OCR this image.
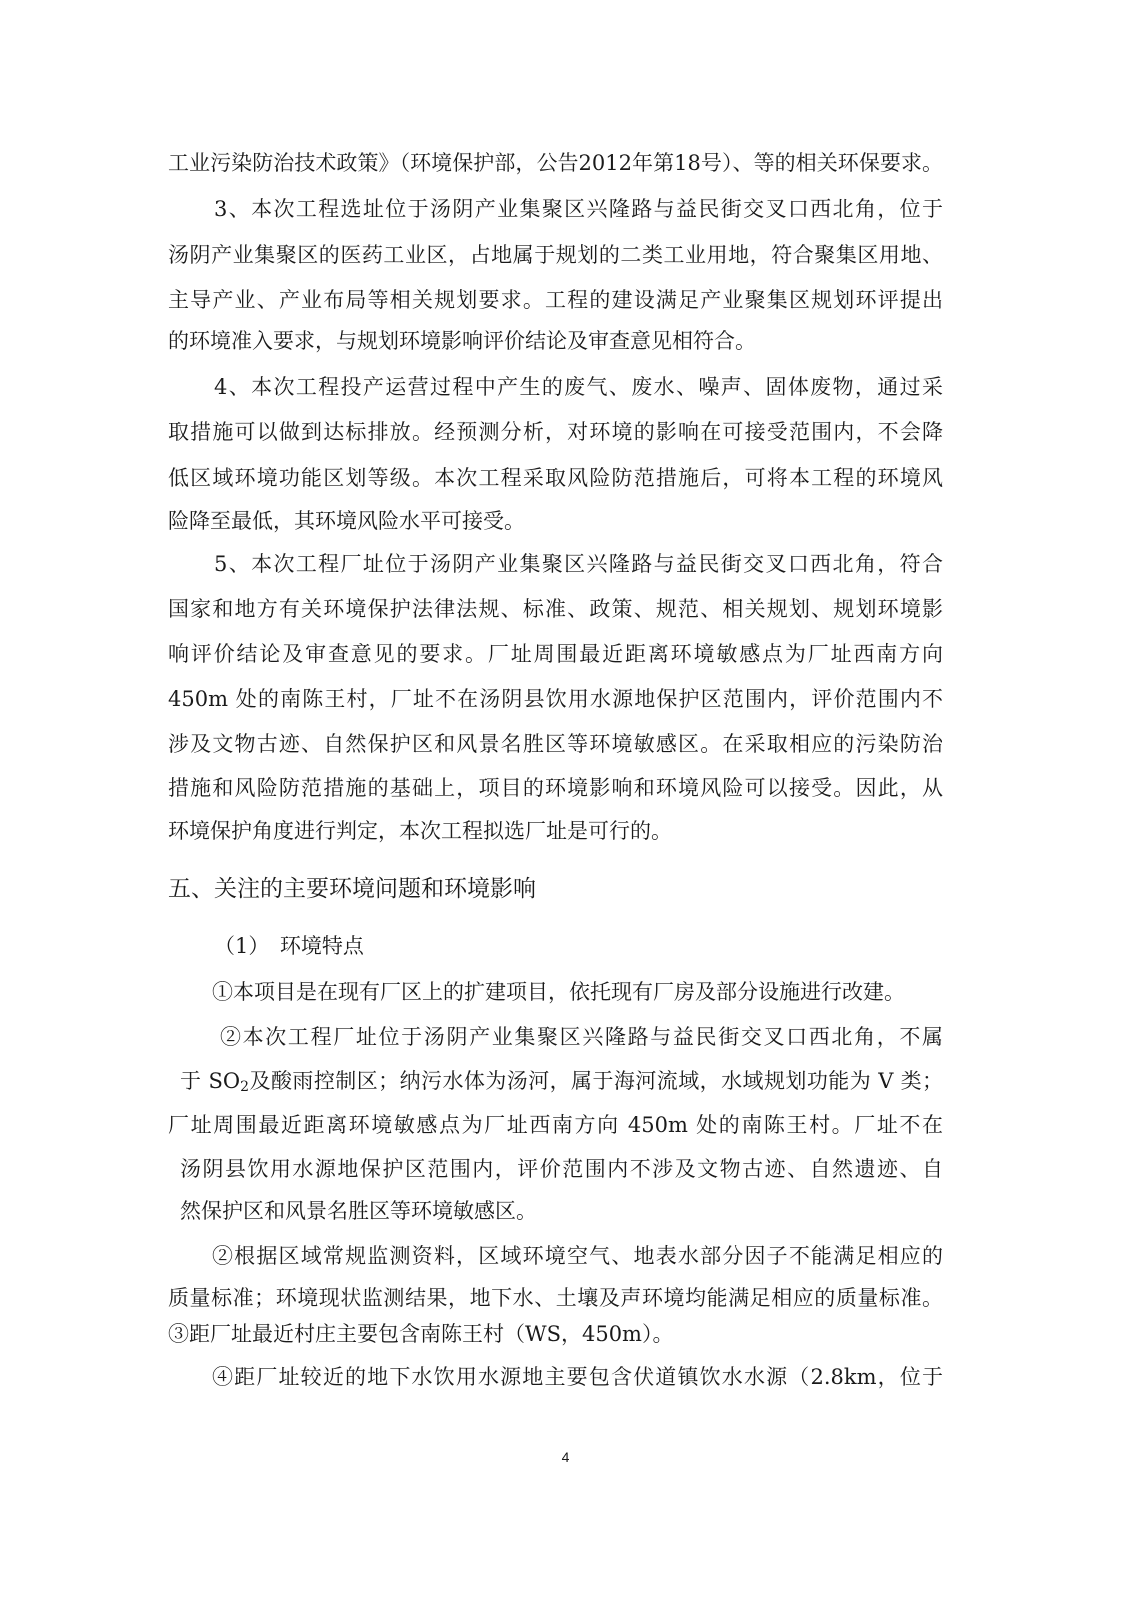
工业污染防治技术政策》（环境保护部，公告2012年第18号）、等的相关环保要求。
3、本次工程选址位于汤阴产业集聚区兴隆路与益民街交叉口西北角，位于
汤阴产业集聚区的医药工业区，占地属于规划的二类工业用地，符合聚集区用地、
主导产业、产业布局等相关规划要求。工程的建设满足产业聚集区规划环评提出
的环境准入要求，与规划环境影响评价结论及审查意见相符合。
4、本次工程投产运营过程中产生的废气、废水、噪声、固体废物，通过采
取措施可以做到达标排放。经预测分析，对环境的影响在可接受范围内，不会降
低区域环境功能区划等级。本次工程采取风险防范措施后，可将本工程的环境风
险降至最低，其环境风险水平可接受。
5、本次工程厂址位于汤阴产业集聚区兴隆路与益民街交叉口西北角，符合
国家和地方有关环境保护法律法规、标准、政策、规范、相关规划、规划环境影
响评价结论及审查意见的要求。厂址周围最近距离环境敏感点为厂址西南方向
450m 处的南陈王村，厂址不在汤阴县饮用水源地保护区范围内，评价范围内不
涉及文物古迹、自然保护区和风景名胜区等环境敏感区。在采取相应的污染防治
措施和风险防范措施的基础上，项目的环境影响和环境风险可以接受。因此，从
环境保护角度进行判定，本次工程拟选厂址是可行的。
五、关注的主要环境问题和环境影响
（1）　环境特点
①本项目是在现有厂区上的扩建项目，依托现有厂房及部分设施进行改建。
②本次工程厂址位于汤阴产业集聚区兴隆路与益民街交叉口西北角，不属
于 $SO_2$及酸雨控制区；纳污水体为汤河，属于海河流域，水域规划功能为 V 类；
厂址周围最近距离环境敏感点为厂址西南方向 450m 处的南陈王村。厂址不在
汤阴县饮用水源地保护区范围内，评价范围内不涉及文物古迹、自然遗迹、自
然保护区和风景名胜区等环境敏感区。
②根据区域常规监测资料，区域环境空气、地表水部分因子不能满足相应的
质量标准；环境现状监测结果，地下水、土壤及声环境均能满足相应的质量标准。
③距厂址最近村庄主要包含南陈王村（WS，450m）。
④距厂址较近的地下水饮用水源地主要包含伏道镇饮水水源（2.8km，位于
4
